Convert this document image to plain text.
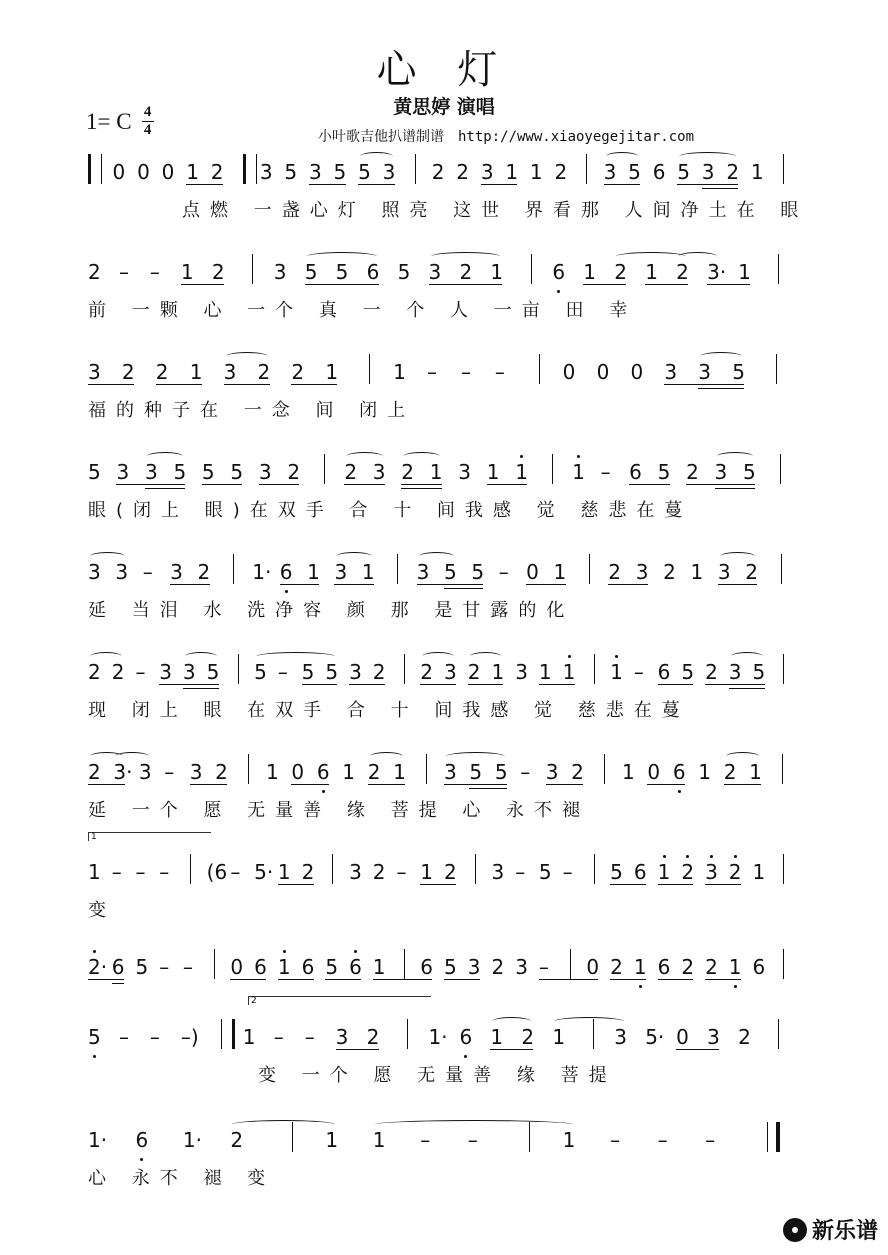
心 灯
黄思婷 演唱
1= C 4
4	小叶歌吉他扒谱制谱 http://www.xiaoyegejitar.com
0 0 0 1 2 3 5 3 5 5 3 2 2 3 1 1 2 3 5 6 5 3 2 1
点燃 一盏心灯 照亮 这世 界看那 人间净土在 眼
2 – – 1 2 3 5 5 6 5 3 2 1 6 1 2 1 2 3· 1
前 一颗 心 一个 真 一 个 人 一亩 田 幸
3 2 2 1 3 2 2 1	1 – – –	0 0 0 3 3 5
福的种子在 一念 间 闭上
5 3 3 5 5 5 3 2 2 3 2 1 3 1 1 1 – 6 5 2 3 5
眼(闭上 眼)在双手 合 十 间我感 觉 慈悲在蔓
3 3 – 3 2 1· 6 1 3 1 3 5 5 – 0 1 2 3 2 1 3 2
延 当泪 水 洗净容 颜 那 是甘露的化
2 2 – 3 3 5 5 – 5 5 3 2 2 3 2 1 3 1 1 1 – 6 5 2 3 5
现 闭上 眼 在双手 合 十 间我感 觉 慈悲在蔓
2 3· 3 – 3 2 1 0 6 1 2 1 3 5 5 – 3 2 1 0 6 1 2 1
延 一个 愿 无量善 缘 菩提 心 永不褪
1 – – – (6 – 5· 1 2 3 2 – 1 2 3 – 5 – 5 6 1 2 3 2 1
变
2· 6 5 – – 0 6 1 6 5 6 1 6 5 3 2 3 – 0 2 1 6 2 2 1 6
5 – – –) 1 – – 3 2 1· 6 1 2 1 3 5· 0 3 2
变 一个 愿 无量善 缘 菩提
1· 6 1· 2	1 1 – –	1 – – –
心 永不 褪 变
新乐谱
1
2
